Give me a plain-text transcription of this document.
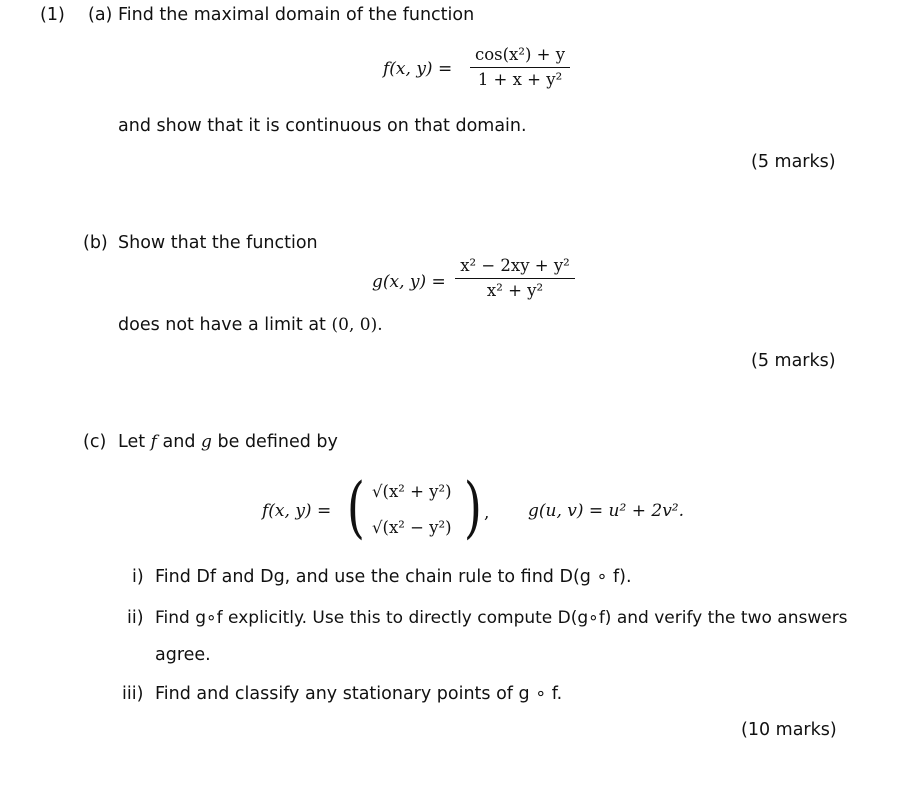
(1) (a) Find the maximal domain of the function
f(x, y) =
cos(x²) + y
1 + x + y²
and show that it is continuous on that domain.
(5 marks)
(b) Show that the function
g(x, y) =
x² − 2xy + y²
x² + y²
does not have a limit at (0, 0).
(5 marks)
(c) Let f and g be defined by
f(x, y) = ( √(x² + y²)
√(x² − y²) ) , g(u, v) = u² + 2v².
i) Find Df and Dg, and use the chain rule to find D(g ∘ f).
ii) Find g∘f explicitly. Use this to directly compute D(g∘f) and verify the two answers
agree.
iii) Find and classify any stationary points of g ∘ f.
(10 marks)
